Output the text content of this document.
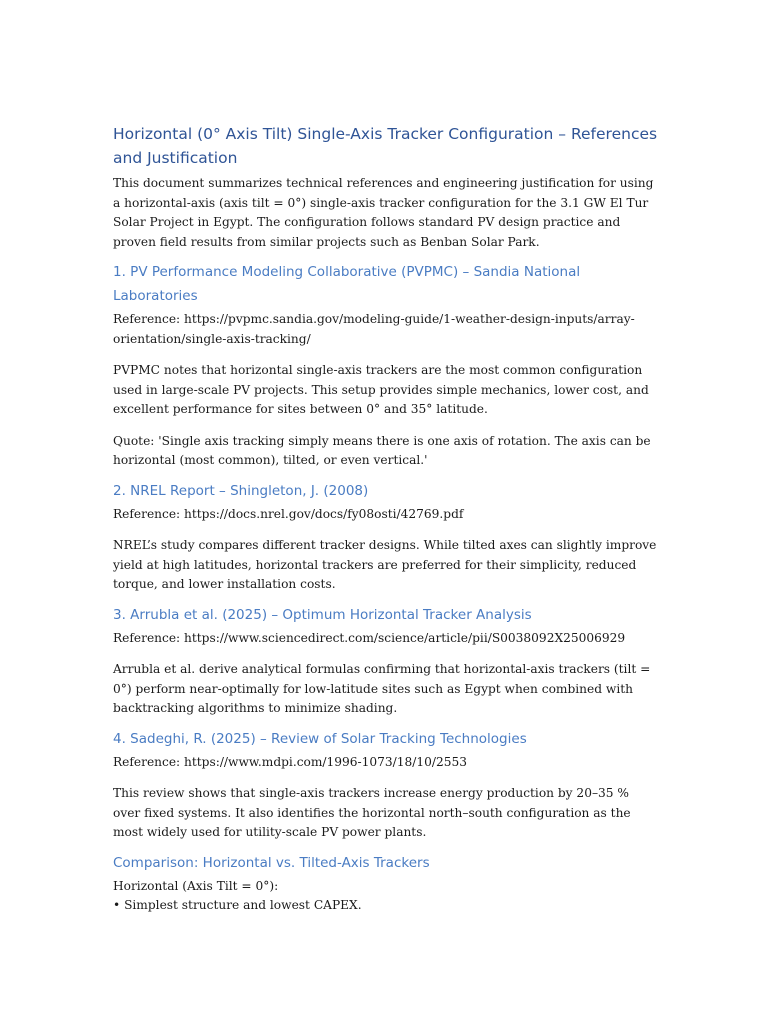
Horizontal (0° Axis Tilt) Single-Axis Tracker Configuration – References and Justification

This document summarizes technical references and engineering justification for using a horizontal-axis (axis tilt = 0°) single-axis tracker configuration for the 3.1 GW El Tur Solar Project in Egypt. The configuration follows standard PV design practice and proven field results from similar projects such as Benban Solar Park.

1. PV Performance Modeling Collaborative (PVPMC) – Sandia National Laboratories

Reference: https://pvpmc.sandia.gov/modeling-guide/1-weather-design-inputs/array-orientation/single-axis-tracking/

PVPMC notes that horizontal single-axis trackers are the most common configuration used in large-scale PV projects. This setup provides simple mechanics, lower cost, and excellent performance for sites between 0° and 35° latitude.

Quote: 'Single axis tracking simply means there is one axis of rotation. The axis can be horizontal (most common), tilted, or even vertical.'

2. NREL Report – Shingleton, J. (2008)

Reference: https://docs.nrel.gov/docs/fy08osti/42769.pdf

NREL’s study compares different tracker designs. While tilted axes can slightly improve yield at high latitudes, horizontal trackers are preferred for their simplicity, reduced torque, and lower installation costs.

3. Arrubla et al. (2025) – Optimum Horizontal Tracker Analysis

Reference: https://www.sciencedirect.com/science/article/pii/S0038092X25006929

Arrubla et al. derive analytical formulas confirming that horizontal-axis trackers (tilt = 0°) perform near-optimally for low-latitude sites such as Egypt when combined with backtracking algorithms to minimize shading.

4. Sadeghi, R. (2025) – Review of Solar Tracking Technologies

Reference: https://www.mdpi.com/1996-1073/18/10/2553

This review shows that single-axis trackers increase energy production by 20–35 % over fixed systems. It also identifies the horizontal north–south configuration as the most widely used for utility-scale PV power plants.

Comparison: Horizontal vs. Tilted-Axis Trackers

Horizontal (Axis Tilt = 0°):

• Simplest structure and lowest CAPEX.
